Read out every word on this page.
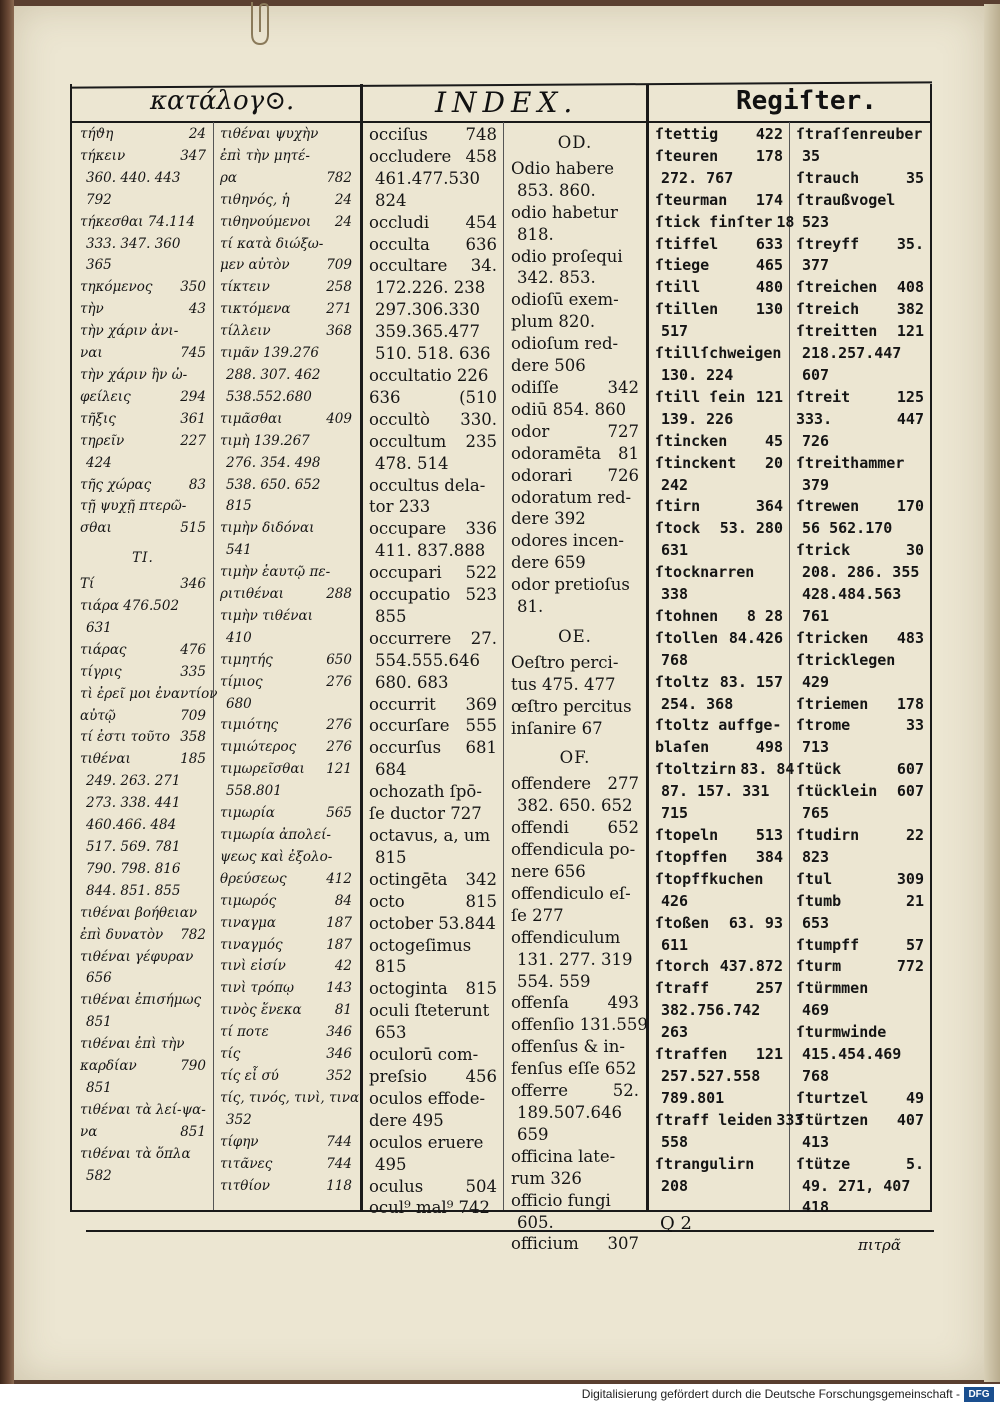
κατάλογ⊙.	INDEX.	Regiſter.
τήϑη	24
τήκειν	347
360. 440. 443
792
τήκεσθαι 74.114
333. 347. 360
365
τηκόμενος 350
τὴν	43
τὴν χάριν ἀνι-
ναι	745
τὴν χάριν ἣν ὠ-
φείλεις	294
τῆξις	361
τηρεῖν	227
424
τῆς χώρας	83
τῇ ψυχῇ πτερῶ-
σθαι	515
TI.
Τί	346
τιάρα 476.502
631
τιάρας	476
τίγρις	335
τὶ ἐρεῖ μοι ἐναντίον
αὐτῷ	709
τί ἐστι τοῦτο 358
τιθέναι	185
249. 263. 271
273. 338. 441
460.466. 484
517. 569. 781
790. 798. 816
844. 851. 855
τιθέναι βοήθειαν
ἐπὶ δυνατὸν 782
τιθέναι γέφυραν
656
τιθέναι ἐπισήμως
851
τιθέναι ἐπὶ τὴν
καρδίαν	790
851
τιθέναι τὰ λεί-ψα-
να	851
τιθέναι τὰ ὅπλα
582
τιθέναι ψυχὴν
ἐπὶ τὴν μητέ-
ρα	782
τιθηνός, ἡ	24
τιθηνούμενοι 24
τί κατὰ διώξω-
μεν αὐτὸν	709
τίκτειν	258
τικτόμενα	271
τίλλειν	368
τιμᾶν 139.276
288. 307. 462
538.552.680
τιμᾶσθαι	409
τιμὴ 139.267
276. 354. 498
538. 650. 652
815
τιμὴν διδόναι
541
τιμὴν ἑαυτῷ πε-
ριτιθέναι	288
τιμὴν τιθέναι
410
τιμητής	650
τίμιος	276
680
τιμιότης	276
τιμιώτερος 276
τιμωρεῖσθαι 121
558.801
τιμωρία	565
τιμωρία ἀπολεί-
ψεως καὶ ἐξολο-
θρεύσεως	412
τιμωρός	84
τιναγμα	187
τιναγμός	187
τινὶ εἰσίν	42
τινὶ τρόπῳ 143
τινὸς ἕνεκα 81
τί ποτε	346
τίς	346
τίς εἶ σύ	352
τίς, τινός, τινὶ, τινα
352
τίφην	744
τιτᾶνες	744
τιτθίον	118
occiſus 748
occludere 458
461.477.530
824
occludi 454
occulta 636
occultare 34.
172.226. 238
297.306.330
359.365.477
510. 518. 636
occultatio 226
636	(510
occultò 330.
occultum 235
478. 514
occultus dela-
tor 233
occupare 336
411. 837.888
occupari 522
occupatio 523
855
occurrere 27.
554.555.646
680. 683
occurrit 369
occurſare 555
occurſus 681
684
ochozath ſpō-
ſe ductor 727
octavus, a, um
815
octingēta 342
octo	815
october 53.844
octogeſimus
815
octoginta 815
oculi ſteterunt
653
oculorū com-
preſsio 456
oculos effode-
dere 495
oculos eruere
495
oculus	504
ocul⁹ mal⁹ 742
OD.
Odio habere
853. 860.
odio habetur
818.
odio proſequi
342. 853.
odioſū exem-
plum 820.
odioſum red-
dere 506
odiſſe	342
odiū 854. 860
odor	727
odoramēta 81
odorari 726
odoratum red-
dere 392
odores incen-
dere 659
odor pretioſus
81.
OE.
Oeſtro perci-
tus 475. 477
œſtro percitus
inſanire 67
OF.
offendere 277
382. 650. 652
offendi 652
offendicula po-
nere 656
offendiculo eſ-
ſe 277
offendiculum
131. 277. 319
554. 559
offenſa 493
offenſio 131.559
offenſus & in-
fenſus eſſe 652
offerre	52.
189.507.646
659
officina late-
rum 326
officio fungi
605.
officium 307
ſtettig	422
ſteuren	178
272. 767
ſteurman 174
ſtick finſter 18
ſtiffel	633
ſtiege	465
ſtill	480
ſtillen	130
517
ſtillſchweigen
130. 224
ſtill ſein 121
139. 226
ſtincken	45
ſtinckent 20
242
ſtirn	364
ſtock 53. 280
631
ſtocknarren
338
ſtohnen 8 28
ſtollen 84.426
768
ſtoltz 83. 157
254. 368
ſtoltz auffge-
blaſen	498
ſtoltzirn 83. 84
87. 157. 331
715
ſtopeln	513
ſtopffen 384
ſtopffkuchen
426
ſtoßen 63. 93
611
ſtorch 437.872
ſtraff	257
382.756.742
263
ſtraffen 121
257.527.558
789.801
ſtraff leiden 333
558
ſtrangulirn
208
ſtraſſenreuber
35
ſtrauch	35
ſtraußvogel
523
ſtreyff	35.
377
ſtreichen 408
ſtreich	382
ſtreitten 121
218.257.447
607
ſtreit	125
333.	447
726
ſtreithammer
379
ſtrewen	170
56 562.170
ſtrick	30
208. 286. 355
428.484.563
761
ſtricken 483
ſtricklegen
429
ſtriemen 178
ſtrome	33
713
ſtück	607
ſtücklein 607
765
ſtudirn	22
823
ſtul	309
ſtumb	21
653
ſtumpff	57
ſturm	772
ſtürmmen
469
ſturmwinde
415.454.469
768
ſturtzel	49
ſtürtzen 407
413
ſtütze	5.
49. 271, 407
418
Q 2
πιτρᾶ
Digitalisierung gefördert durch die Deutsche Forschungsgemeinschaft - DFG
